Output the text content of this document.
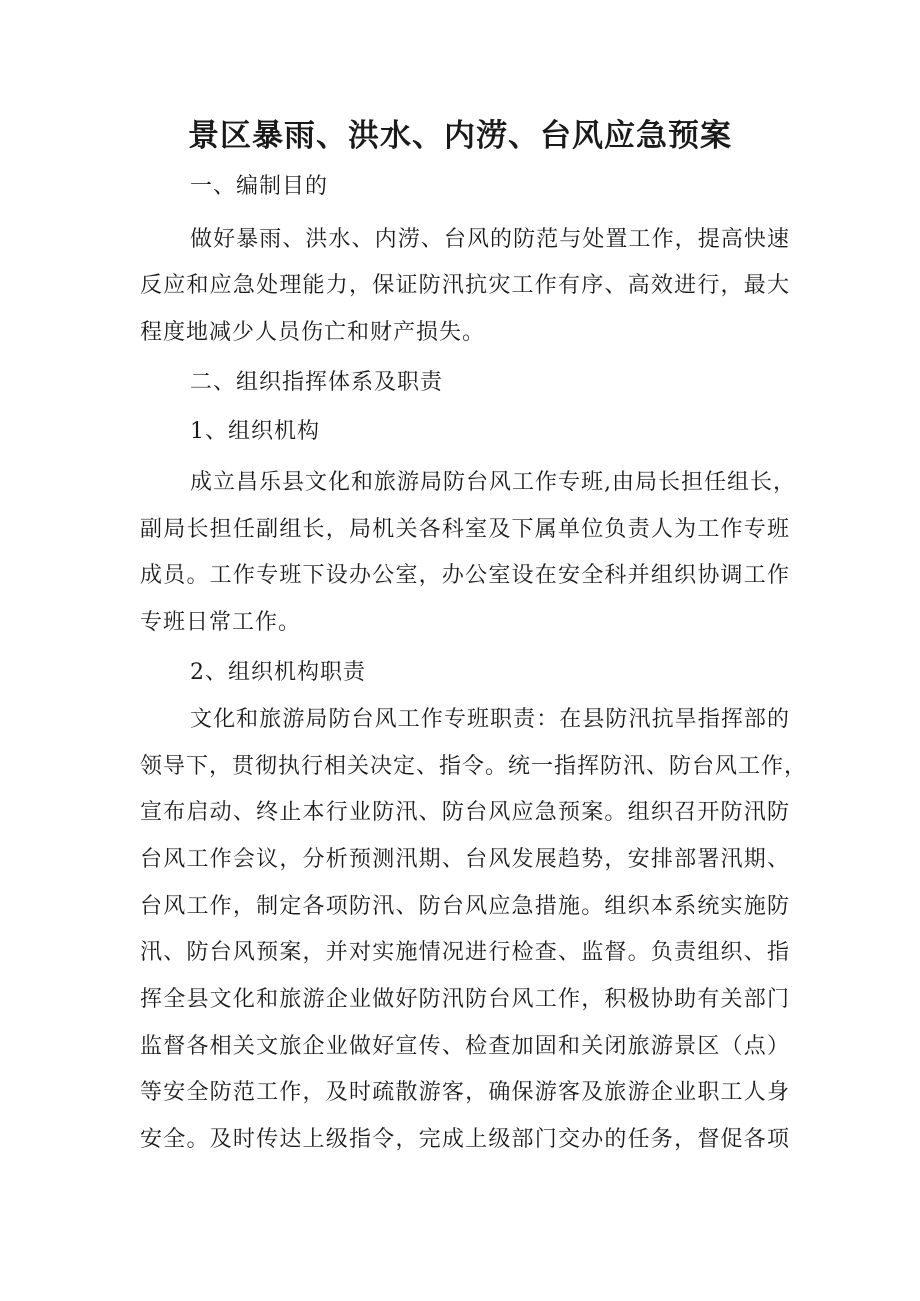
景区暴雨、洪水、内涝、台风应急预案
一、编制目的
做好暴雨、洪水、内涝、台风的防范与处置工作，提高快速
反应和应急处理能力，保证防汛抗灾工作有序、高效进行，最大
程度地减少人员伤亡和财产损失。
二、组织指挥体系及职责
1、组织机构
成立昌乐县文化和旅游局防台风工作专班,由局长担任组长，
副局长担任副组长，局机关各科室及下属单位负责人为工作专班
成员。工作专班下设办公室，办公室设在安全科并组织协调工作
专班日常工作。
2、组织机构职责
文化和旅游局防台风工作专班职责：在县防汛抗旱指挥部的
领导下，贯彻执行相关决定、指令。统一指挥防汛、防台风工作，
宣布启动、终止本行业防汛、防台风应急预案。组织召开防汛防
台风工作会议，分析预测汛期、台风发展趋势，安排部署汛期、
台风工作，制定各项防汛、防台风应急措施。组织本系统实施防
汛、防台风预案，并对实施情况进行检查、监督。负责组织、指
挥全县文化和旅游企业做好防汛防台风工作，积极协助有关部门
监督各相关文旅企业做好宣传、检查加固和关闭旅游景区（点）
等安全防范工作，及时疏散游客，确保游客及旅游企业职工人身
安全。及时传达上级指令，完成上级部门交办的任务，督促各项
